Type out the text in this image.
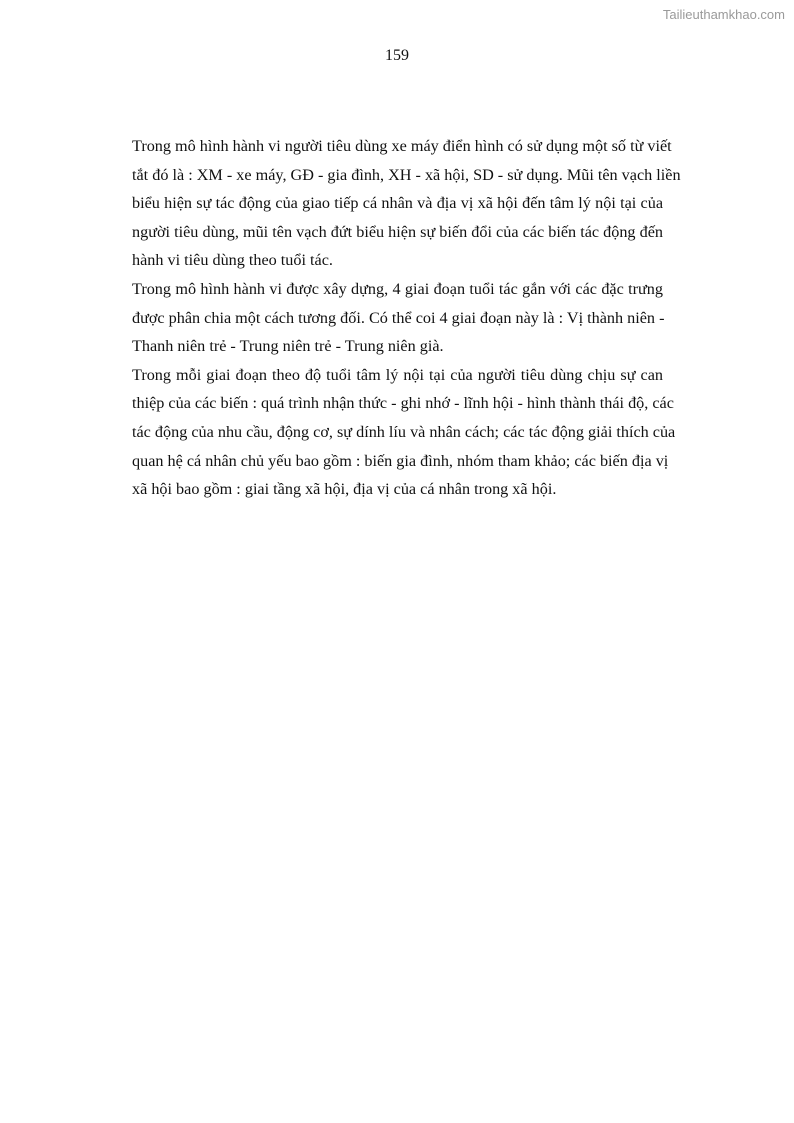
Tailieuthamkhao.com
159
Trong mô hình hành vi người tiêu dùng xe máy điển hình có sử dụng một số từ viết
tắt đó là : XM - xe máy, GĐ - gia đình, XH - xã hội, SD - sử dụng. Mũi tên vạch liền
biểu hiện sự tác động của giao tiếp cá nhân và địa vị xã hội đến tâm lý nội tại của
người tiêu dùng, mũi tên vạch đứt biểu hiện sự biến đổi của các biến tác động đến
hành vi tiêu dùng theo tuổi tác.
Trong mô hình hành vi được xây dựng, 4 giai đoạn tuổi tác gắn với các đặc trưng
được phân chia một cách tương đối. Có thể coi 4 giai đoạn này là : Vị thành niên -
Thanh niên trẻ - Trung niên trẻ - Trung niên già.
Trong mỗi giai đoạn theo độ tuổi tâm lý nội tại của người tiêu dùng chịu sự can
thiệp của các biến : quá trình nhận thức - ghi nhớ - lĩnh hội - hình thành thái độ, các
tác động của nhu cầu, động cơ, sự dính líu và nhân cách; các tác động giải thích của
quan hệ cá nhân chủ yếu bao gồm : biến gia đình, nhóm tham khảo; các biến địa vị
xã hội bao gồm : giai tầng xã hội, địa vị của cá nhân trong xã hội.
